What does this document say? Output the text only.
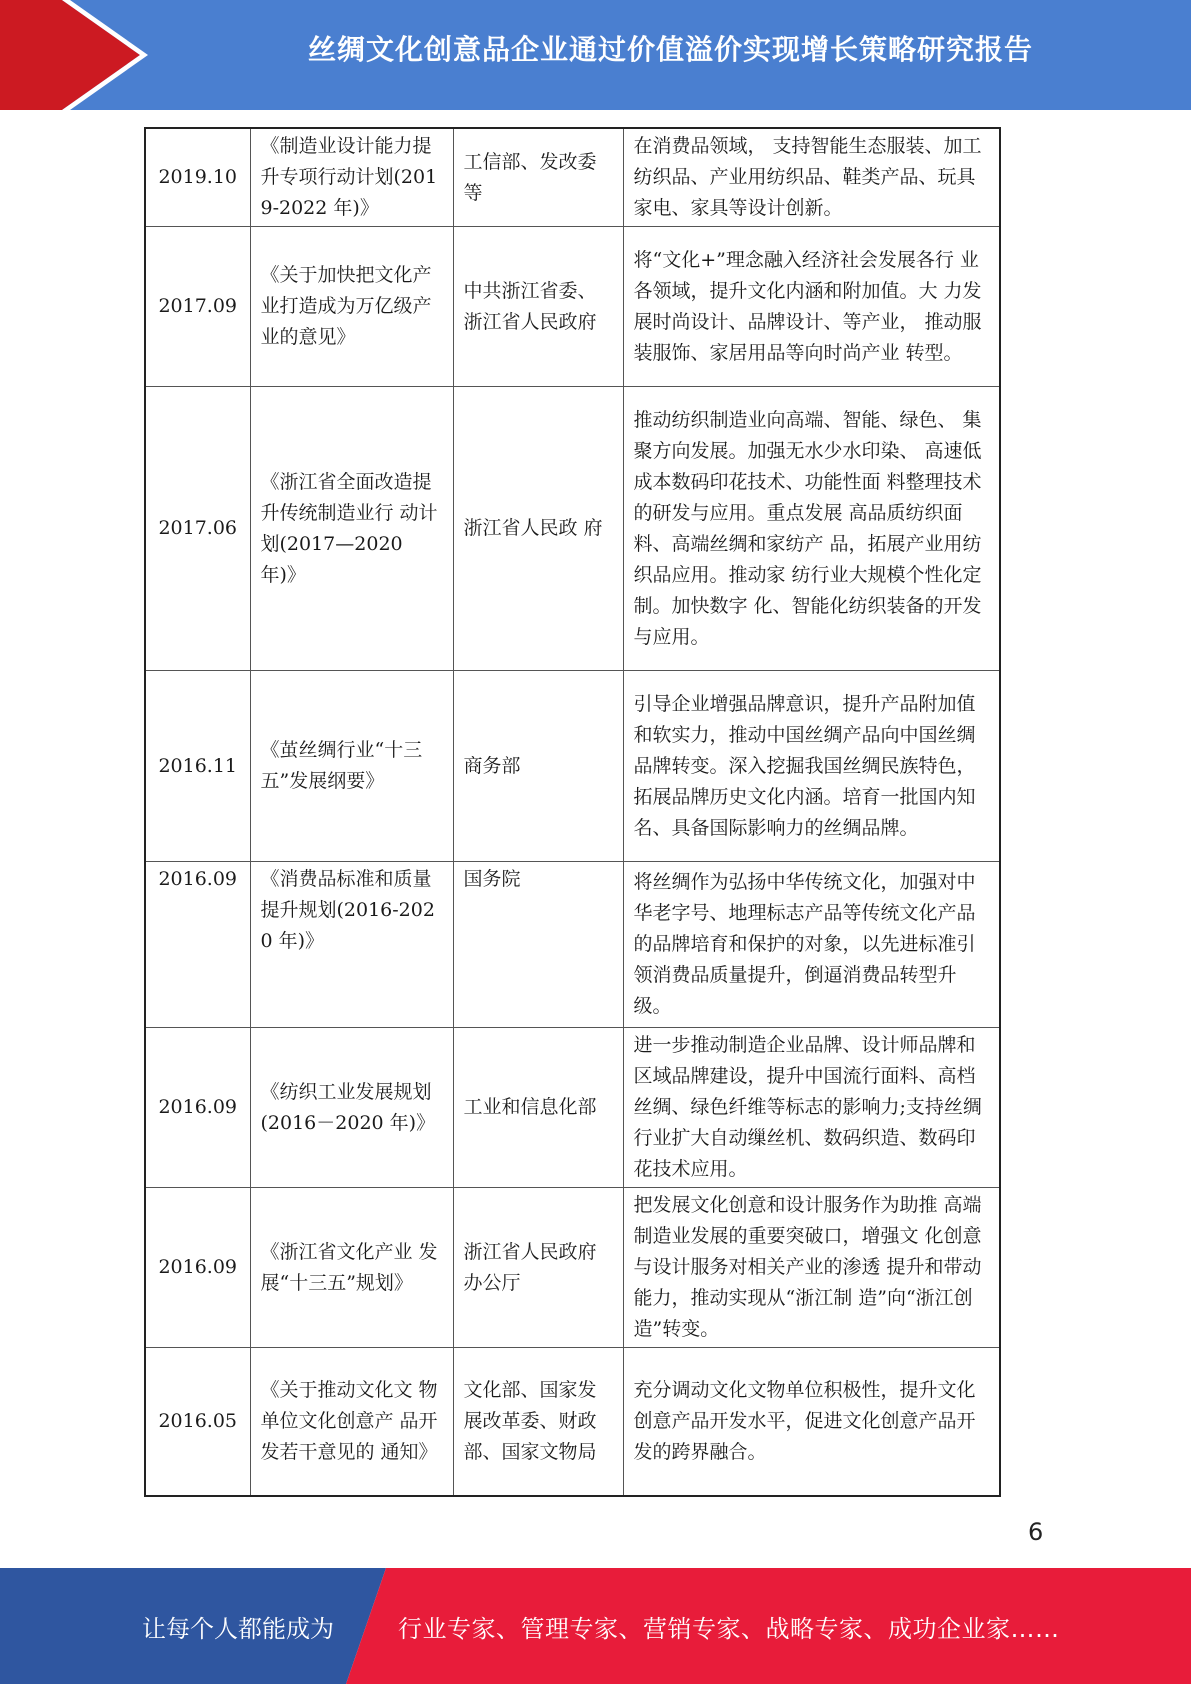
丝绸文化创意品企业通过价值溢价实现增长策略研究报告
2019.10	《制造业设计能力提升专项行动计划(2019-2022 年)》	工信部、发改委等	在消费品领域， 支持智能生态服装、加工纺织品、产业用纺织品、鞋类产品、玩具家电、家具等设计创新。
2017.09	《关于加快把文化产业打造成为万亿级产业的意见》	中共浙江省委、浙江省人民政府	将“文化+”理念融入经济社会发展各行 业各领域，提升文化内涵和附加值。大 力发展时尚设计、品牌设计、等产业， 推动服装服饰、家居用品等向时尚产业 转型。
2017.06	《浙江省全面改造提升传统制造业行 动计划(2017—2020 年)》	浙江省人民政 府	推动纺织制造业向高端、智能、绿色、 集聚方向发展。加强无水少水印染、 高速低成本数码印花技术、功能性面 料整理技术的研发与应用。重点发展 高品质纺织面料、高端丝绸和家纺产 品，拓展产业用纺织品应用。推动家 纺行业大规模个性化定制。加快数字 化、智能化纺织装备的开发与应用。
2016.11	《茧丝绸行业“十三五”发展纲要》	商务部	引导企业增强品牌意识，提升产品附加值和软实力，推动中国丝绸产品向中国丝绸品牌转变。深入挖掘我国丝绸民族特色，拓展品牌历史文化内涵。培育一批国内知名、具备国际影响力的丝绸品牌。
2016.09	《消费品标准和质量提升规划(2016-2020 年)》	国务院	将丝绸作为弘扬中华传统文化，加强对中华老字号、地理标志产品等传统文化产品的品牌培育和保护的对象，以先进标准引领消费品质量提升，倒逼消费品转型升级。
2016.09	《纺织工业发展规划(2016－2020 年)》	工业和信息化部	进一步推动制造企业品牌、设计师品牌和区域品牌建设，提升中国流行面料、高档丝绸、绿色纤维等标志的影响力;支持丝绸行业扩大自动缫丝机、数码织造、数码印花技术应用。
2016.09	《浙江省文化产业 发展“十三五”规划》	浙江省人民政府 办公厅	把发展文化创意和设计服务作为助推 高端制造业发展的重要突破口，增强文 化创意与设计服务对相关产业的渗透 提升和带动能力，推动实现从“浙江制 造”向“浙江创造”转变。
2016.05	《关于推动文化文 物单位文化创意产 品开发若干意见的 通知》	文化部、国家发 展改革委、财政 部、国家文物局	充分调动文化文物单位积极性，提升文化创意产品开发水平，促进文化创意产品开发的跨界融合。
6
让每个人都能成为	行业专家、管理专家、营销专家、战略专家、成功企业家……
